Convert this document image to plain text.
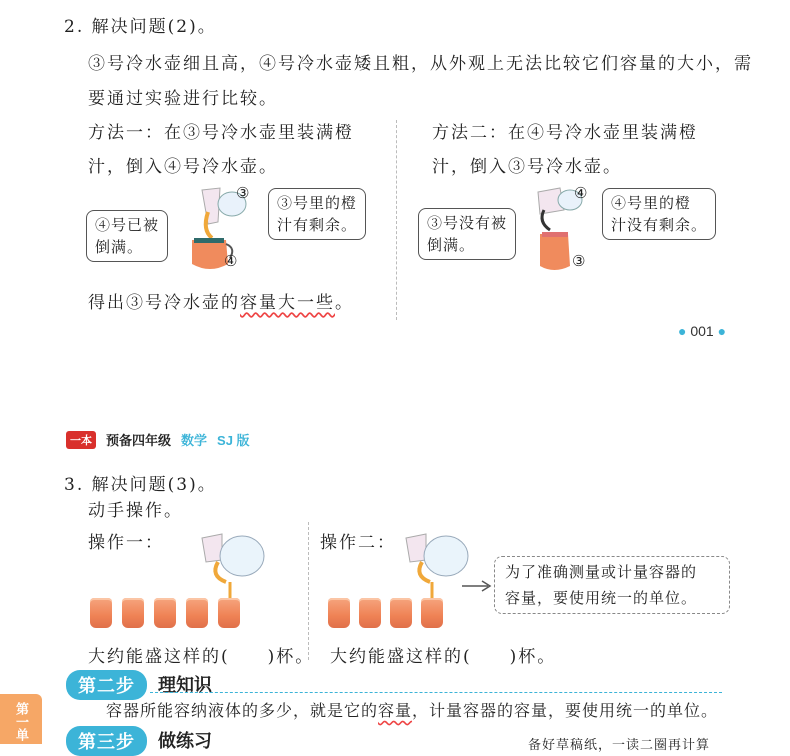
2. 解决问题(2)。
③号冷水壶细且高，④号冷水壶矮且粗，从外观上无法比较它们容量的大小，需
要通过实验进行比较。
方法一：在③号冷水壶里装满橙
汁，倒入④号冷水壶。
方法二：在④号冷水壶里装满橙
汁，倒入③号冷水壶。
④号已被
倒满。
③
④
③号里的橙
汁有剩余。	③号没有被
倒满。
④
③
④号里的橙
汁没有剩余。
得出③号冷水壶的容量大一些。
● 001 ●
一本	预备四年级 数学 SJ 版
3. 解决问题(3)。
动手操作。
操作一：	操作二：
为了准确测量或计量容器的
容量，要使用统一的单位。
大约能盛这样的(　　)杯。 大约能盛这样的(　　)杯。
第二步	理知识
容器所能容纳液体的多少，就是它的容量，计量容器的容量，要使用统一的单位。
第三步	做练习	备好草稿纸，一读二圈再计算
第一单
